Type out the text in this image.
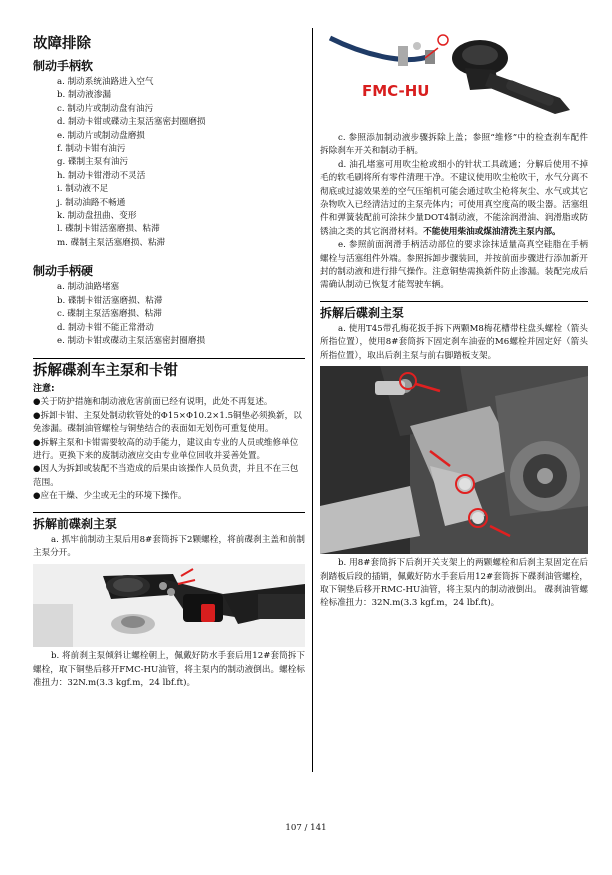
故障排除
制动手柄软
a. 制动系统油路进入空气
b. 制动液渗漏
c. 制动片或制动盘有油污
d. 制动卡钳或碟动主泵活塞密封圈磨损
e. 制动片或制动盘磨损
f. 制动卡钳有油污
g. 碟制主泵有油污
h. 制动卡钳滑动不灵活
i. 制动液不足
j. 制动油路不畅通
k. 制动盘扭曲、变形
l. 碟制卡钳活塞磨损、粘滞
m. 碟制主泵活塞磨损、粘滞
制动手柄硬
a. 制动油路堵塞
b. 碟制卡钳活塞磨损、粘滞
c. 碟制主泵活塞磨损、粘滞
d. 制动卡钳不能正常滑动
e. 制动卡钳或碟动主泵活塞密封圈磨损
拆解碟刹车主泵和卡钳
注意:

●关于防护措施和制动液危害前面已经有说明，此处不再复述。

●拆卸卡钳、主泵处制动软管处的Φ15×Φ10.2×1.5铜垫必须换新，以免渗漏。碟制油管螺栓与铜垫结合的表面如无划伤可重复使用。

●拆解主泵和卡钳需要较高的动手能力，建议由专业的人员或维修单位进行。更换下来的废制动液应交由专业单位回收并妥善处置。

●因人为拆卸或装配不当造成的后果由该操作人员负责，并且不在三包范围。

●应在干燥、少尘或无尘的环境下操作。

拆解前碟刹主泵

a. 抓牢前制动主泵后用8#套筒拆下2颗螺栓，将前碟刹主盖和前制主泵分开。

b. 将前刹主泵倾斜让螺栓朝上，佩戴好防水手套后用12#套筒拆下螺栓，取下铜垫后移开FMC-HU油管，将主泵内的制动液倒出。螺栓标准扭力：32N.m(3.3 kgf.m，24 lbf.ft)。

FMC-HU

c. 参照添加制动液步骤拆除上盖；参照“维修”中的检查刹车配件拆除刹车开关和制动手柄。

d. 油孔堵塞可用吹尘枪或细小的针状工具疏通；分解后使用不掉毛的软毛刷将所有零件清理干净。不建议使用吹尘枪吹干，水气分离不彻底或过滤效果差的空气压缩机可能会通过吹尘枪将灰尘、水气或其它杂物吹入已经清洁过的主泵壳体内；可使用真空度高的吸尘器。活塞组件和弹簧装配前可涂抹少量DOT4制动液，不能涂润滑油、润滑脂或防锈油之类的其它润滑材料。不能使用柴油或煤油清洗主泵内部。

e. 参照前面润滑手柄活动部位的要求涂抹适量高真空硅脂在手柄螺栓与活塞组件外端。参照拆卸步骤装回，并按前面步骤进行添加新开封的制动液和进行排气操作。注意铜垫需换新件防止渗漏。装配完成后需确认制动已恢复才能驾驶车辆。

拆解后碟刹主泵

a. 使用T45带孔梅花扳手拆下两颗M8梅花槽带柱盘头螺栓（箭头所指位置），使用8#套筒拆下固定刹车油壶的M6螺栓并固定好（箭头所指位置），取出后刹主泵与前右脚踏板支架。

b. 用8#套筒拆下后刹开关支架上的两颗螺栓和后刹主泵固定在后刹踏板后段的插销，佩戴好防水手套后用12#套筒拆下碟刹油管螺栓，取下铜垫后移开RMC-HU油管，将主泵内的制动液倒出。 碟刹油管螺栓标准扭力：32N.m(3.3 kgf.m，24 lbf.ft)。

107 / 141
